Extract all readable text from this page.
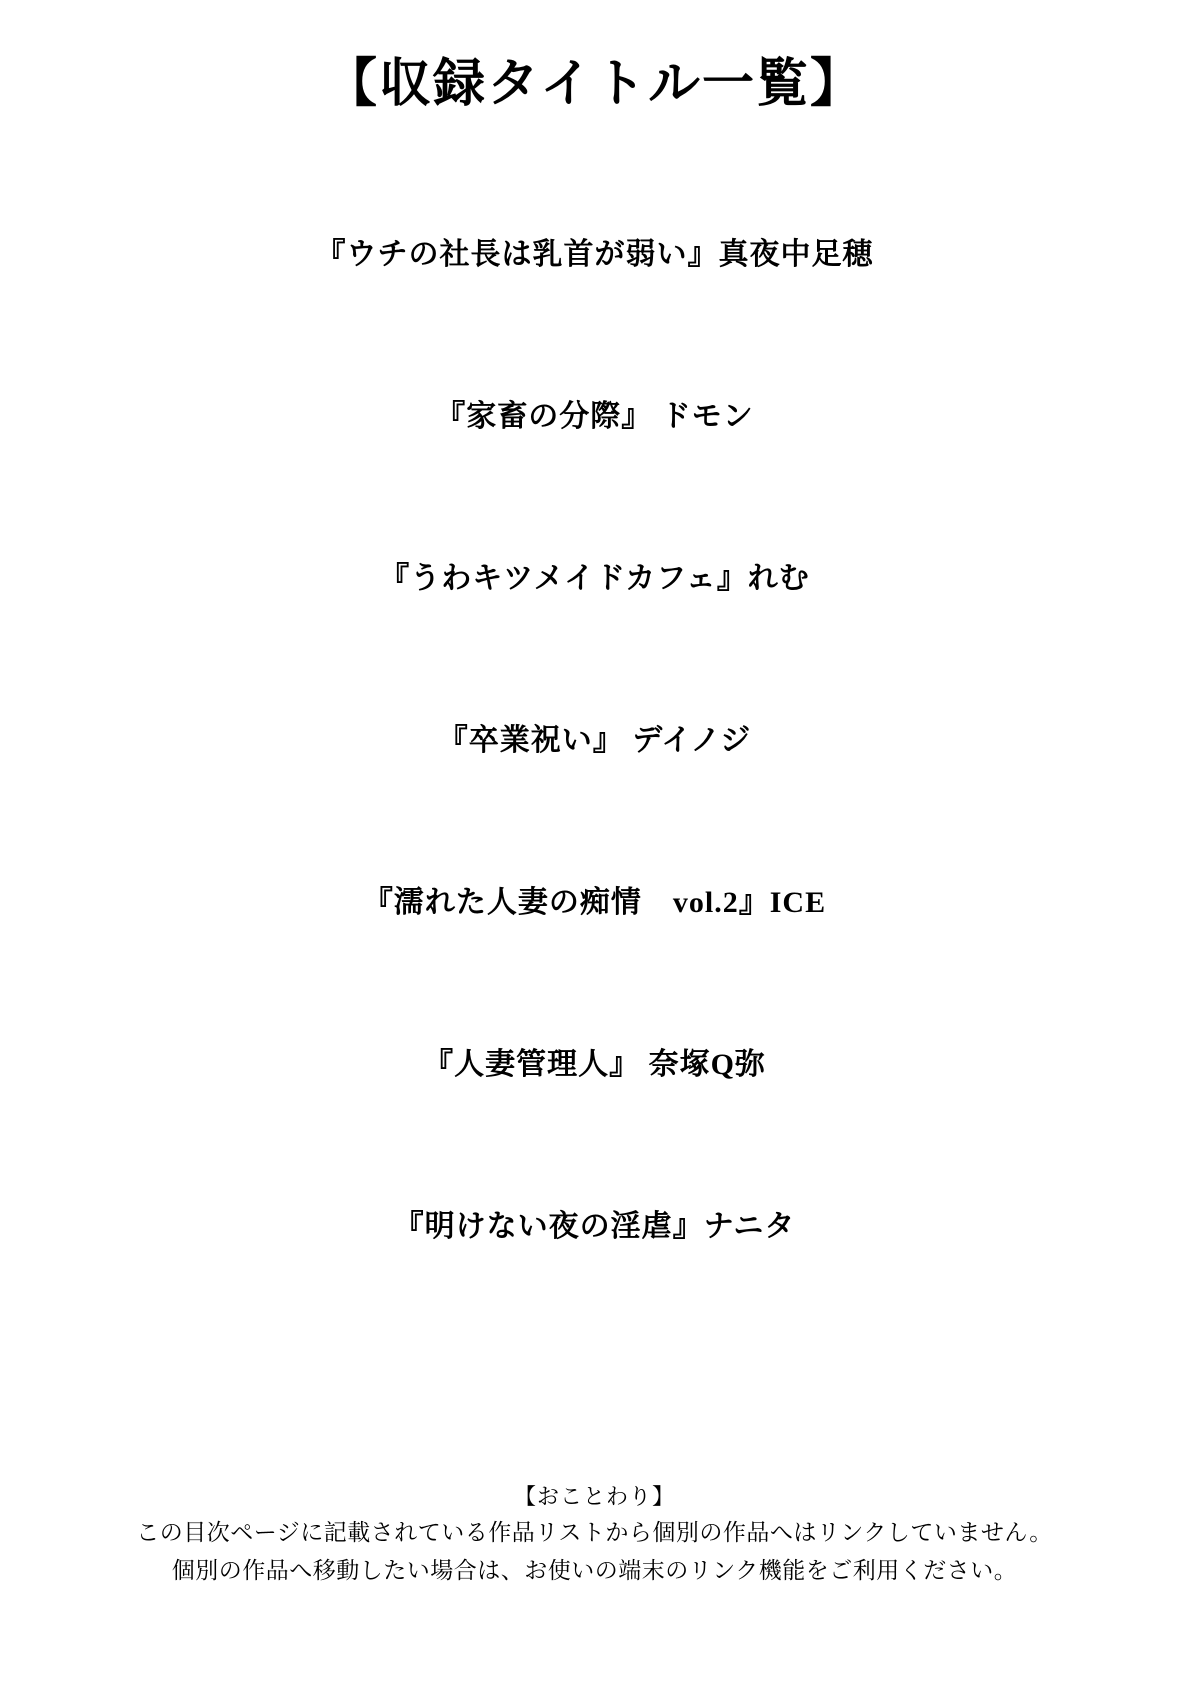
【収録タイトル一覧】
『ウチの社長は乳首が弱い』真夜中足穂
『家畜の分際』 ドモン
『うわキツメイドカフェ』れむ
『卒業祝い』 デイノジ
『濡れた人妻の痴情　vol.2』ICE
『人妻管理人』 奈塚Q弥
『明けない夜の淫虐』ナニタ
【おことわり】
この目次ページに記載されている作品リストから個別の作品へはリンクしていません。
個別の作品へ移動したい場合は、お使いの端末のリンク機能をご利用ください。
